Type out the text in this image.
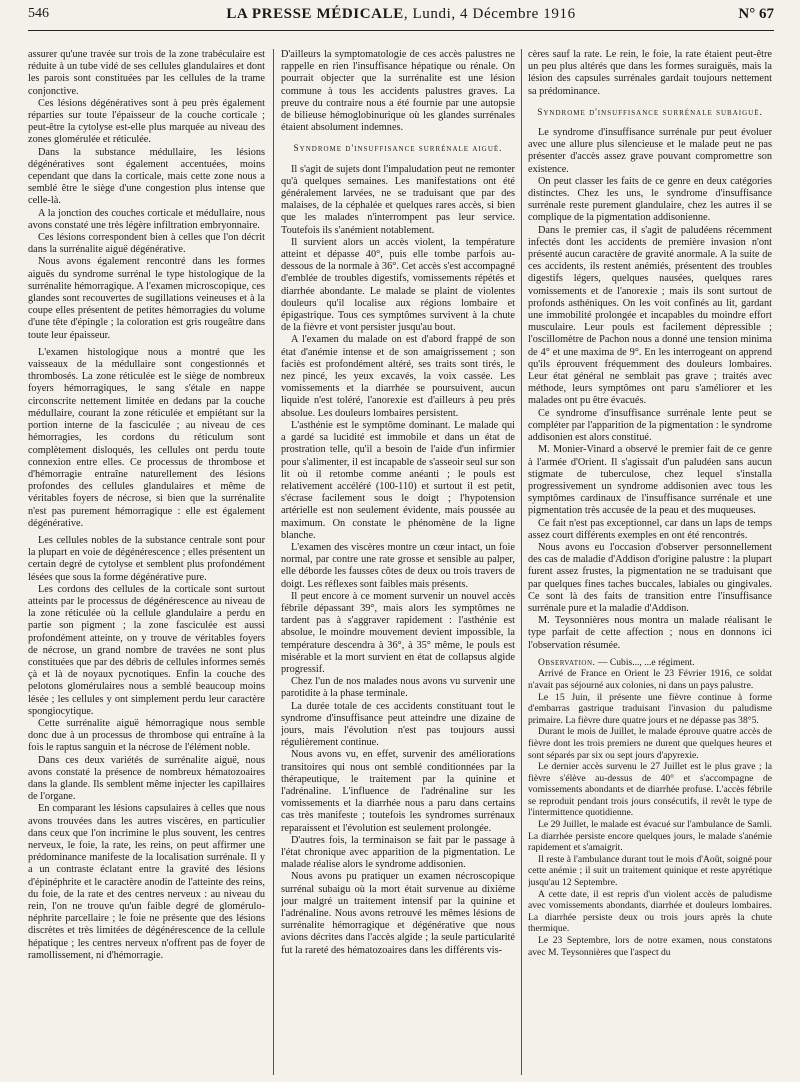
546	LA PRESSE MÉDICALE, Lundi, 4 Décembre 1916	N° 67

assurer qu'une travée sur trois de la zone trabéculaire est réduite à un tube vidé de ses cellules glandulaires et dont les parois sont constituées par les cellules de la trame conjonctive.

Ces lésions dégénératives sont à peu près également réparties sur toute l'épaisseur de la couche corticale ; peut-être la cytolyse est-elle plus marquée au niveau des zones glomérulée et réticulée.

Dans la substance médullaire, les lésions dégénératives sont également accentuées, moins cependant que dans la corticale, mais cette zone nous a semblé être le siège d'une congestion plus intense que celle-là.

A la jonction des couches corticale et médullaire, nous avons constaté une très légère infiltration embryonnaire.

Ces lésions correspondent bien à celles que l'on décrit dans la surrénalite aiguë dégénérative.

Nous avons également rencontré dans les formes aiguës du syndrome surrénal le type histologique de la surrénalite hémorragique. A l'examen microscopique, ces glandes sont recouvertes de sugillations veineuses et à la coupe elles présentent de petites hémorragies du volume d'une tête d'épingle ; la coloration est gris rougeâtre dans toute leur épaisseur.

L'examen histologique nous a montré que les vaisseaux de la médullaire sont congestionnés et thrombosés. La zone réticulée est le siège de nombreux foyers hémorragiques, le sang s'étale en nappe circonscrite nettement limitée en dedans par la couche médullaire, courant la zone réticulée et empiétant sur la portion interne de la fasciculée ; au niveau de ces hémorragies, les cordons du réticulum sont complètement disloqués, les cellules ont perdu toute connexion entre elles. Ce processus de thrombose et d'hémorragie entraîne naturellement des lésions profondes des cellules glandulaires et même de véritables foyers de nécrose, si bien que la surrénalite n'est pas purement hémorragique : elle est également dégénérative.

Les cellules nobles de la substance centrale sont pour la plupart en voie de dégénérescence ; elles présentent un certain degré de cytolyse et semblent plus profondément lésées que sous la forme dégénérative pure.

Les cordons des cellules de la corticale sont surtout atteints par le processus de dégénérescence au niveau de la zone réticulée où la cellule glandulaire a perdu en partie son pigment ; la zone fasciculée est aussi profondément atteinte, on y trouve de véritables foyers de nécrose, un grand nombre de travées ne sont plus constituées que par des débris de cellules informes semés çà et là de noyaux pycnotiques. Enfin la couche des pelotons glomérulaires nous a semblé beaucoup moins lésée ; les cellules y ont simplement perdu leur caractère spongiocytique.

Cette surrénalite aiguë hémorragique nous semble donc due à un processus de thrombose qui entraîne à la fois le raptus sanguin et la nécrose de l'élément noble.

Dans ces deux variétés de surrénalite aiguë, nous avons constaté la présence de nombreux hématozoaires dans la glande. Ils semblent même injecter les capillaires de l'organe.

En comparant les lésions capsulaires à celles que nous avons trouvées dans les autres viscères, en particulier dans ceux que l'on incrimine le plus souvent, les centres nerveux, le foie, la rate, les reins, on peut affirmer une prédominance manifeste de la localisation surrénale. Il y a un contraste éclatant entre la gravité des lésions d'épinéphrite et le caractère anodin de l'atteinte des reins, du foie, de la rate et des centres nerveux : au niveau du rein, l'on ne trouve qu'un faible degré de glomérulo-néphrite parcellaire ; le foie ne présente que des lésions discrètes et très limitées de dégénérescence de la cellule hépatique ; les centres nerveux n'offrent pas de foyer de ramollissement, ni d'hémorragie.

D'ailleurs la symptomatologie de ces accès palustres ne rappelle en rien l'insuffisance hépatique ou rénale. On pourrait objecter que la surrénalite est une lésion commune à tous les accidents palustres graves. La preuve du contraire nous a été fournie par une autopsie de bilieuse hémoglobinurique où les glandes surrénales étaient absolument indemnes.

Syndrome d'insuffisance surrénale aiguë.

Il s'agit de sujets dont l'impaludation peut ne remonter qu'à quelques semaines. Les manifestations ont été généralement larvées, ne se traduisant que par des malaises, de la céphalée et quelques rares accès, si bien que les malades n'interrompent pas leur service. Toutefois ils s'anémient notablement.

Il survient alors un accès violent, la température atteint et dépasse 40°, puis elle tombe parfois au-dessous de la normale à 36°. Cet accès s'est accompagné d'emblée de troubles digestifs, vomissements répétés et diarrhée abondante. Le malade se plaint de violentes douleurs qu'il localise aux régions lombaire et épigastrique. Tous ces symptômes survivent à la chute de la fièvre et vont persister jusqu'au bout.

A l'examen du malade on est d'abord frappé de son état d'anémie intense et de son amaigrissement ; son faciès est profondément altéré, ses traits sont tirés, le nez pincé, les yeux excavés, la voix cassée. Les vomissements et la diarrhée se poursuivent, aucun liquide n'est toléré, l'anorexie est d'ailleurs à peu près absolue. Les douleurs lombaires persistent.

L'asthénie est le symptôme dominant. Le malade qui a gardé sa lucidité est immobile et dans un état de prostration telle, qu'il a besoin de l'aide d'un infirmier pour s'alimenter, il est incapable de s'asseoir seul sur son lit où il retombe comme anéanti ; le pouls est relativement accéléré (100-110) et surtout il est petit, s'écrase facilement sous le doigt ; l'hypotension artérielle est non seulement évidente, mais poussée au maximum. On constate le phénomène de la ligne blanche.

L'examen des viscères montre un cœur intact, un foie normal, par contre une rate grosse et sensible au palper, elle déborde les fausses côtes de deux ou trois travers de doigt. Les réflexes sont faibles mais présents.

Il peut encore à ce moment survenir un nouvel accès fébrile dépassant 39°, mais alors les symptômes ne tardent pas à s'aggraver rapidement : l'asthénie est absolue, le moindre mouvement devient impossible, la température descendra à 36°, à 35° même, le pouls est misérable et la mort survient en état de collapsus algide progressif.

Chez l'un de nos malades nous avons vu survenir une parotidite à la phase terminale.

La durée totale de ces accidents constituant tout le syndrome d'insuffisance peut atteindre une dizaine de jours, mais l'évolution n'est pas toujours aussi régulièrement continue.

Nous avons vu, en effet, survenir des améliorations transitoires qui nous ont semblé conditionnées par la thérapeutique, le traitement par la quinine et l'adrénaline. L'influence de l'adrénaline sur les vomissements et la diarrhée nous a paru dans certains cas très manifeste ; toutefois les syndromes surrénaux reparaissent et l'évolution est seulement prolongée.

D'autres fois, la terminaison se fait par le passage à l'état chronique avec apparition de la pigmentation. Le malade réalise alors le syndrome addisonien.

Nous avons pu pratiquer un examen nécroscopique surrénal subaigu où la mort était survenue au dixième jour malgré un traitement intensif par la quinine et l'adrénaline. Nous avons retrouvé les mêmes lésions de surrénalite hémorragique et dégénérative que nous avions décrites dans l'accès algide ; la seule particularité fut la rareté des hématozoaires dans les différents vis-

cères sauf la rate. Le rein, le foie, la rate étaient peut-être un peu plus altérés que dans les formes suraiguës, mais la lésion des capsules surrénales gardait toujours nettement sa prédominance.

Syndrome d'insuffisance surrénale subaiguë.

Le syndrome d'insuffisance surrénale pur peut évoluer avec une allure plus silencieuse et le malade peut ne pas présenter d'accès assez grave pouvant compromettre son existence.

On peut classer les faits de ce genre en deux catégories distinctes. Chez les uns, le syndrome d'insuffisance surrénale reste purement glandulaire, chez les autres il se complique de la pigmentation addisonienne.

Dans le premier cas, il s'agit de paludéens récemment infectés dont les accidents de première invasion n'ont présenté aucun caractère de gravité anormale. A la suite de ces accidents, ils restent anémiés, présentent des troubles digestifs légers, quelques nausées, quelques rares vomissements et de l'anorexie ; mais ils sont surtout de profonds asthéniques. On les voit confinés au lit, gardant une immobilité prolongée et incapables du moindre effort musculaire. Leur pouls est facilement dépressible ; l'oscillomètre de Pachon nous a donné une tension minima de 4° et une maxima de 9°. En les interrogeant on apprend qu'ils éprouvent fréquemment des douleurs lombaires. Leur état général ne semblait pas grave ; traités avec méthode, leurs symptômes ont paru s'améliorer et les malades ont pu être évacués.

Ce syndrome d'insuffisance surrénale lente peut se compléter par l'apparition de la pigmentation : le syndrome addisonien est alors constitué.

M. Monier-Vinard a observé le premier fait de ce genre à l'armée d'Orient. Il s'agissait d'un paludéen sans aucun stigmate de tuberculose, chez lequel s'installa progressivement un syndrome addisonien avec tous les symptômes cardinaux de l'insuffisance surrénale et une pigmentation très accusée de la peau et des muqueuses.

Ce fait n'est pas exceptionnel, car dans un laps de temps assez court différents exemples en ont été rencontrés.

Nous avons eu l'occasion d'observer personnellement des cas de maladie d'Addison d'origine palustre : la plupart furent assez frustes, la pigmentation ne se traduisant que par quelques fines taches buccales, labiales ou gingivales. Ce sont là des faits de transition entre l'insuffisance surrénale pure et la maladie d'Addison.

M. Teysonnières nous montra un malade réalisant le type parfait de cette affection ; nous en donnons ici l'observation résumée.

Observation. — Cubis..., ...e régiment.

Arrivé de France en Orient le 23 Février 1916, ce soldat n'avait pas séjourné aux colonies, ni dans un pays palustre.

Le 15 Juin, il présente une fièvre continue à forme d'embarras gastrique traduisant l'invasion du paludisme primaire. La fièvre dure quatre jours et ne dépasse pas 38°5.

Durant le mois de Juillet, le malade éprouve quatre accès de fièvre dont les trois premiers ne durent que quelques heures et sont séparés par six ou sept jours d'apyrexie.

Le dernier accès survenu le 27 Juillet est le plus grave ; la fièvre s'élève au-dessus de 40° et s'accompagne de vomissements abondants et de diarrhée profuse. L'accès fébrile se reproduit pendant trois jours consécutifs, il revêt le type de l'intermittence quotidienne.

Le 29 Juillet, le malade est évacué sur l'ambulance de Samli. La diarrhée persiste encore quelques jours, le malade s'anémie rapidement et s'amaigrit.

Il reste à l'ambulance durant tout le mois d'Août, soigné pour cette anémie ; il suit un traitement quinique et reste apyrétique jusqu'au 12 Septembre.

A cette date, il est repris d'un violent accès de paludisme avec vomissements abondants, diarrhée et douleurs lombaires. La diarrhée persiste deux ou trois jours après la chute thermique.

Le 23 Septembre, lors de notre examen, nous constatons avec M. Teysonnières que l'aspect du
